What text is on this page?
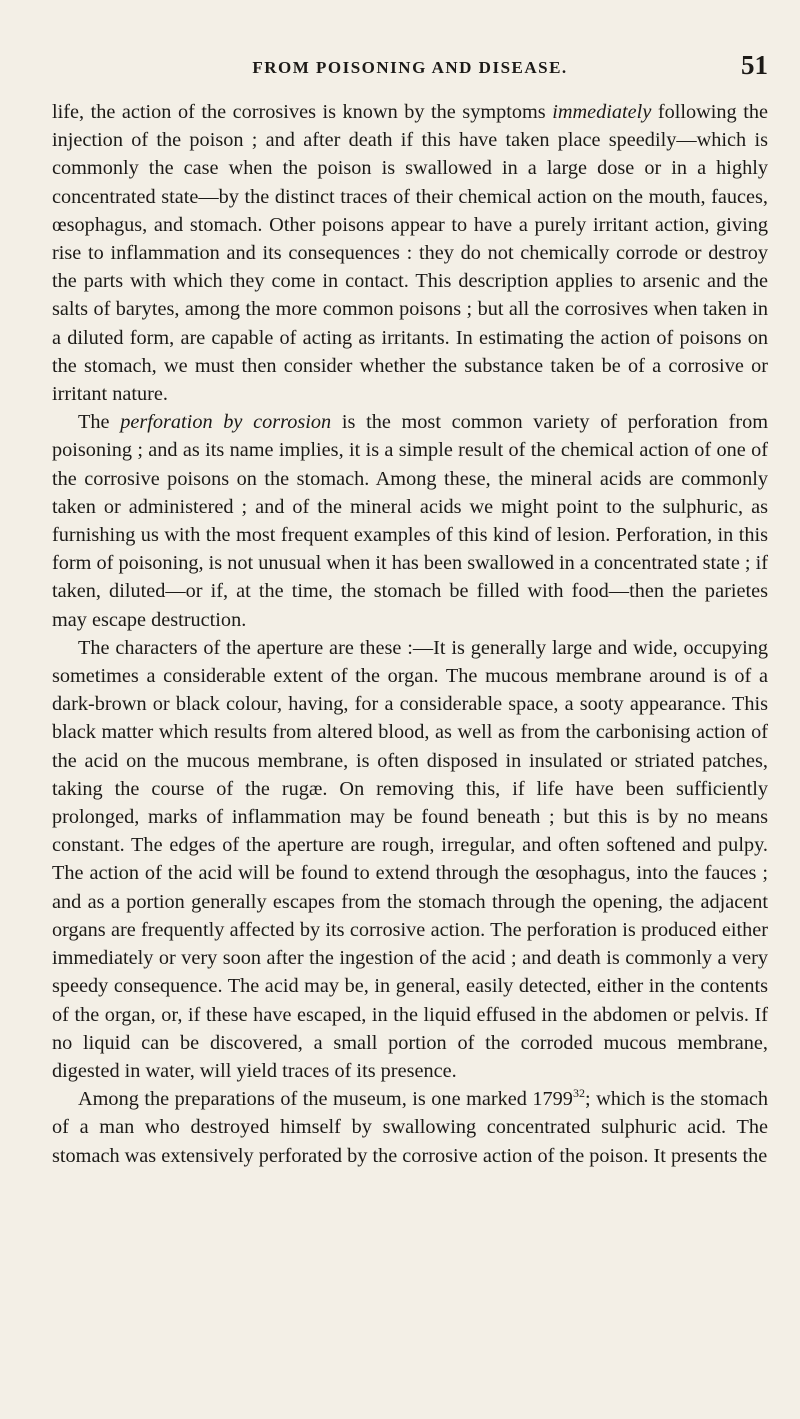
FROM POISONING AND DISEASE.	51

life, the action of the corrosives is known by the symptoms immediately following the injection of the poison ; and after death if this have taken place speedily—which is commonly the case when the poison is swallowed in a large dose or in a highly concentrated state—by the distinct traces of their chemical action on the mouth, fauces, œsophagus, and stomach. Other poisons appear to have a purely irritant action, giving rise to inflammation and its consequences : they do not chemically corrode or destroy the parts with which they come in contact. This description applies to arsenic and the salts of barytes, among the more common poisons ; but all the corrosives when taken in a diluted form, are capable of acting as irritants. In estimating the action of poisons on the stomach, we must then consider whether the substance taken be of a corrosive or irritant nature.

The perforation by corrosion is the most common variety of perforation from poisoning ; and as its name implies, it is a simple result of the chemical action of one of the corrosive poisons on the stomach. Among these, the mineral acids are commonly taken or administered ; and of the mineral acids we might point to the sulphuric, as furnishing us with the most frequent examples of this kind of lesion. Perforation, in this form of poisoning, is not unusual when it has been swallowed in a concentrated state ; if taken, diluted—or if, at the time, the stomach be filled with food—then the parietes may escape destruction.

The characters of the aperture are these :—It is generally large and wide, occupying sometimes a considerable extent of the organ. The mucous membrane around is of a dark-brown or black colour, having, for a considerable space, a sooty appearance. This black matter which results from altered blood, as well as from the carbonising action of the acid on the mucous membrane, is often disposed in insulated or striated patches, taking the course of the rugæ. On removing this, if life have been sufficiently prolonged, marks of inflammation may be found beneath ; but this is by no means constant. The edges of the aperture are rough, irregular, and often softened and pulpy. The action of the acid will be found to extend through the œsophagus, into the fauces ; and as a portion generally escapes from the stomach through the opening, the adjacent organs are frequently affected by its corrosive action. The perforation is produced either immediately or very soon after the ingestion of the acid ; and death is commonly a very speedy consequence. The acid may be, in general, easily detected, either in the contents of the organ, or, if these have escaped, in the liquid effused in the abdomen or pelvis. If no liquid can be discovered, a small portion of the corroded mucous membrane, digested in water, will yield traces of its presence.

Among the preparations of the museum, is one marked 1799$^{32}$; which is the stomach of a man who destroyed himself by swallowing concentrated sulphuric acid. The stomach was extensively perforated by the corrosive action of the poison. It presents the
